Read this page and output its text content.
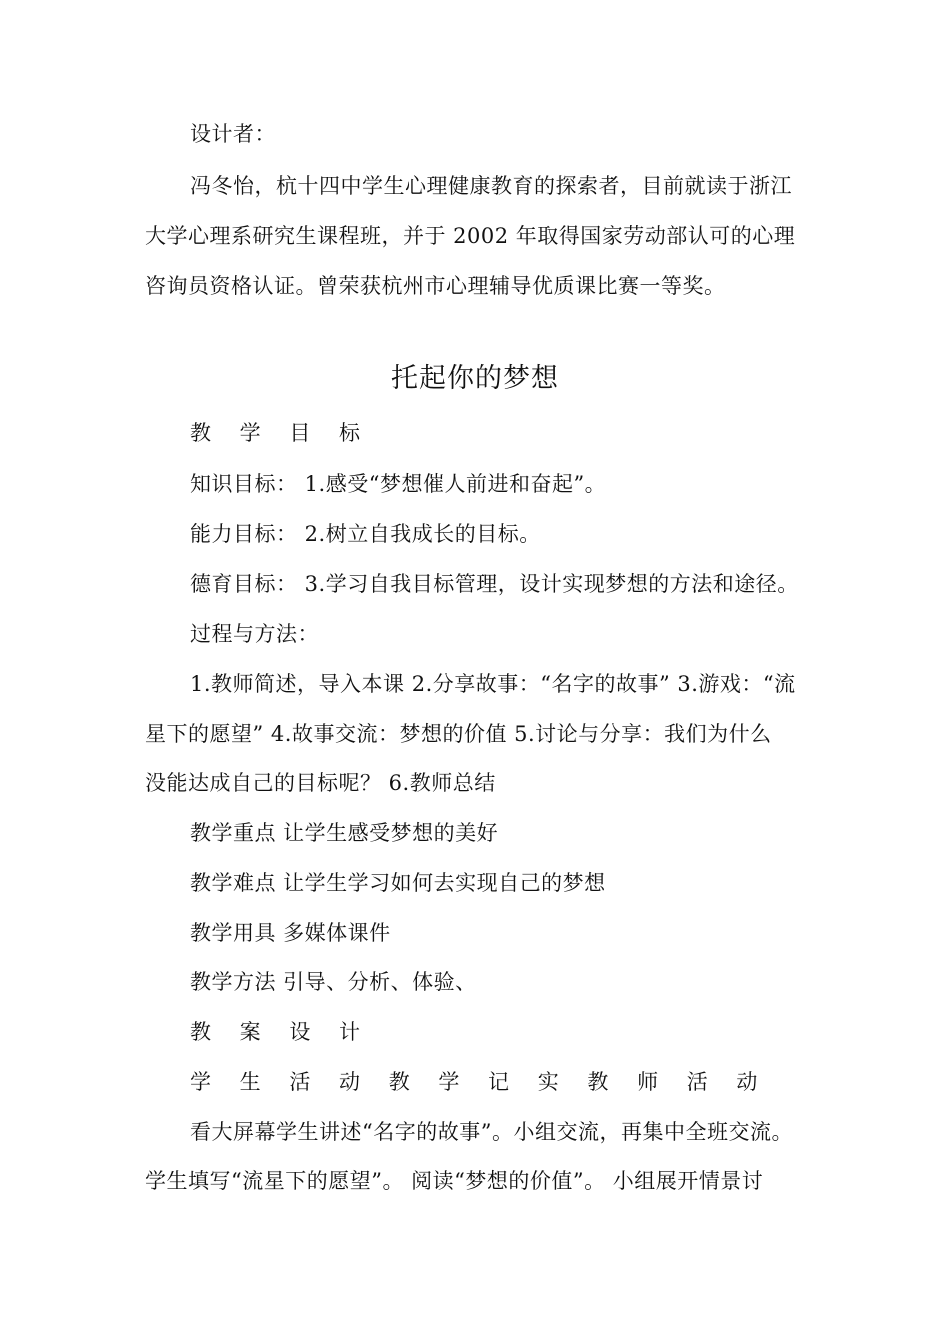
设计者：
冯冬怡，杭十四中学生心理健康教育的探索者，目前就读于浙江
大学心理系研究生课程班，并于 2002 年取得国家劳动部认可的心理
咨询员资格认证。曾荣获杭州市心理辅导优质课比赛一等奖。
托起你的梦想
教 学 目 标
知识目标： 1.感受“梦想催人前进和奋起”。
能力目标： 2.树立自我成长的目标。
德育目标： 3.学习自我目标管理，设计实现梦想的方法和途径。
过程与方法：
1.教师简述，导入本课 2.分享故事：“名字的故事” 3.游戏：“流
星下的愿望” 4.故事交流：梦想的价值 5.讨论与分享：我们为什么
没能达成自己的目标呢？ 6.教师总结
教学重点 让学生感受梦想的美好
教学难点 让学生学习如何去实现自己的梦想
教学用具 多媒体课件
教学方法 引导、分析、体验、
教 案 设 计
学 生 活 动 教 学 记 实 教 师 活 动
看大屏幕学生讲述“名字的故事”。小组交流，再集中全班交流。
学生填写“流星下的愿望”。 阅读“梦想的价值”。 小组展开情景讨
